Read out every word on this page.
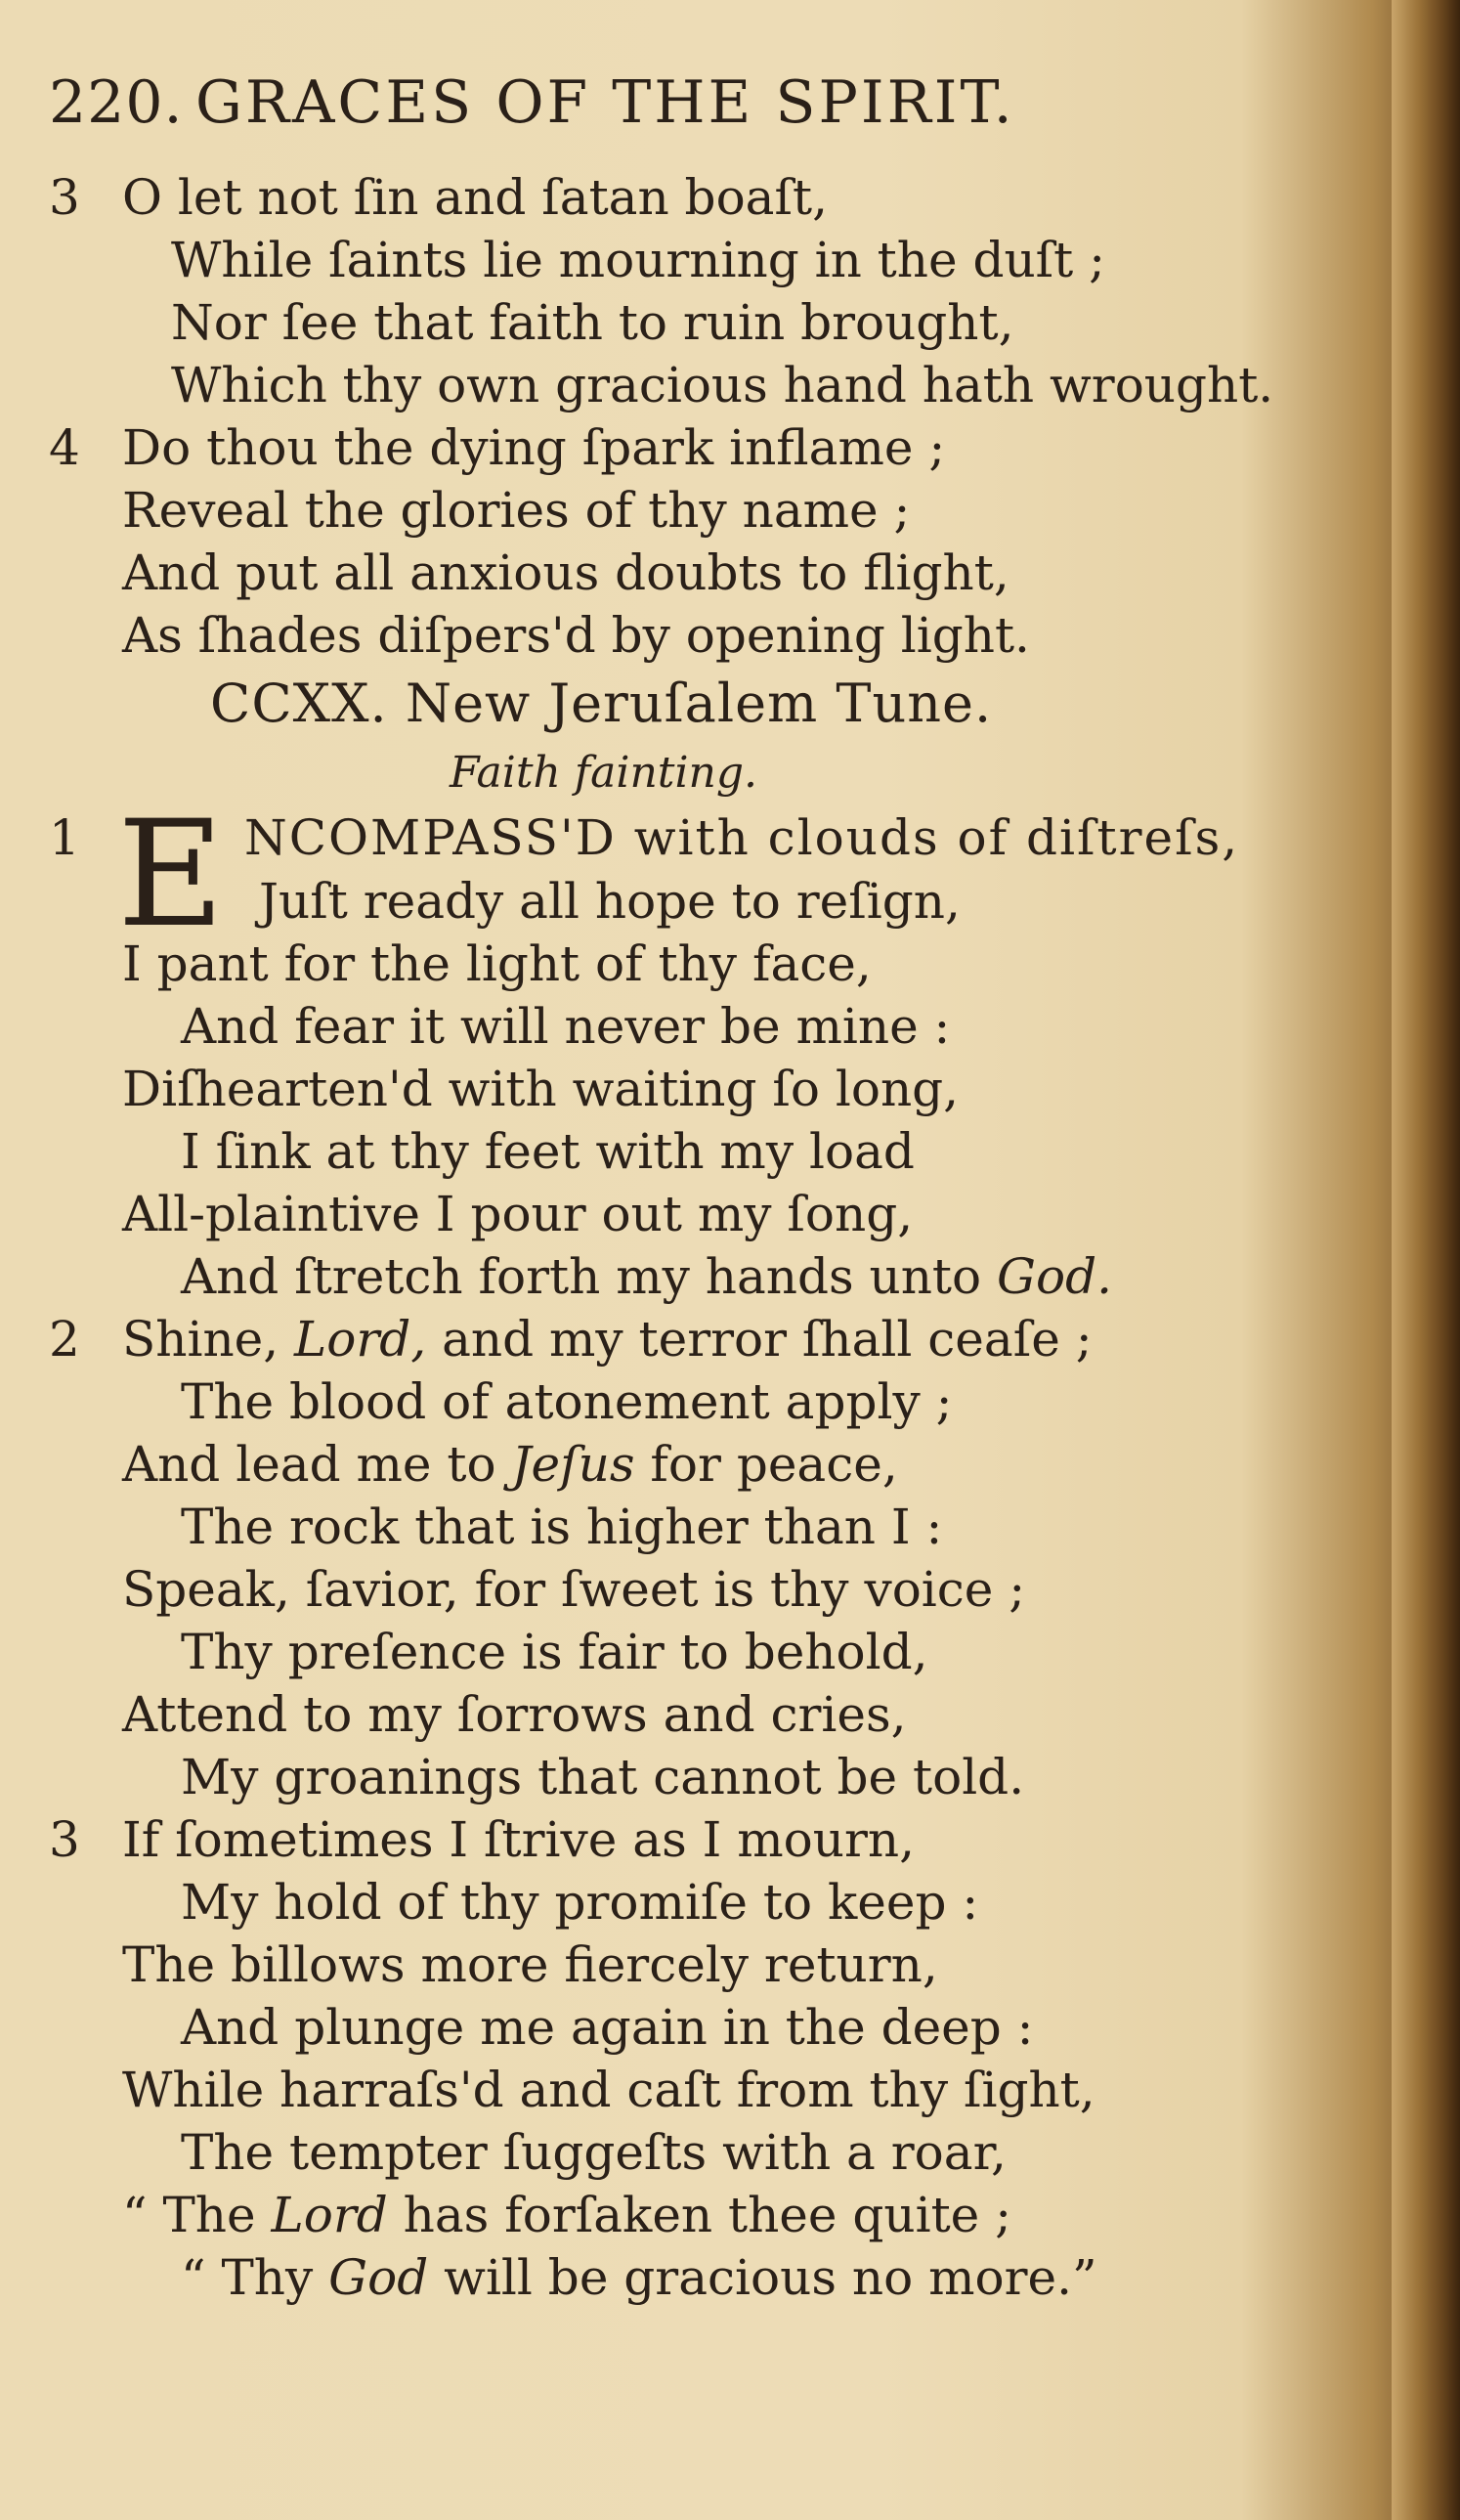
220. GRACES OF THE SPIRIT.
3 O let not ſin and ſatan boaſt,
While ſaints lie mourning in the duſt ;
Nor ſee that faith to ruin brought,
Which thy own gracious hand hath wrought.
4 Do thou the dying ſpark inflame ;
Reveal the glories of thy name ;
And put all anxious doubts to flight,
As ſhades diſpers'd by opening light.
CCXX. New Jeruſalem Tune.
Faith fainting.
1 E NCOMPASS'D with clouds of diſtreſs,
Juſt ready all hope to reſign,
I pant for the light of thy face,
And fear it will never be mine :
Diſhearten'd with waiting ſo long,
I ſink at thy feet with my load
All-plaintive I pour out my ſong,
And ſtretch forth my hands unto God.
2 Shine, Lord, and my terror ſhall ceaſe ;
The blood of atonement apply ;
And lead me to Jeſus for peace,
The rock that is higher than I :
Speak, ſavior, for ſweet is thy voice ;
Thy preſence is fair to behold,
Attend to my ſorrows and cries,
My groanings that cannot be told.
3 If ſometimes I ſtrive as I mourn,
My hold of thy promiſe to keep :
The billows more fiercely return,
And plunge me again in the deep :
While harraſs'd and caſt from thy ſight,
The tempter ſuggeſts with a roar,
“ The Lord has forſaken thee quite ;
“ Thy God will be gracious no more.”
